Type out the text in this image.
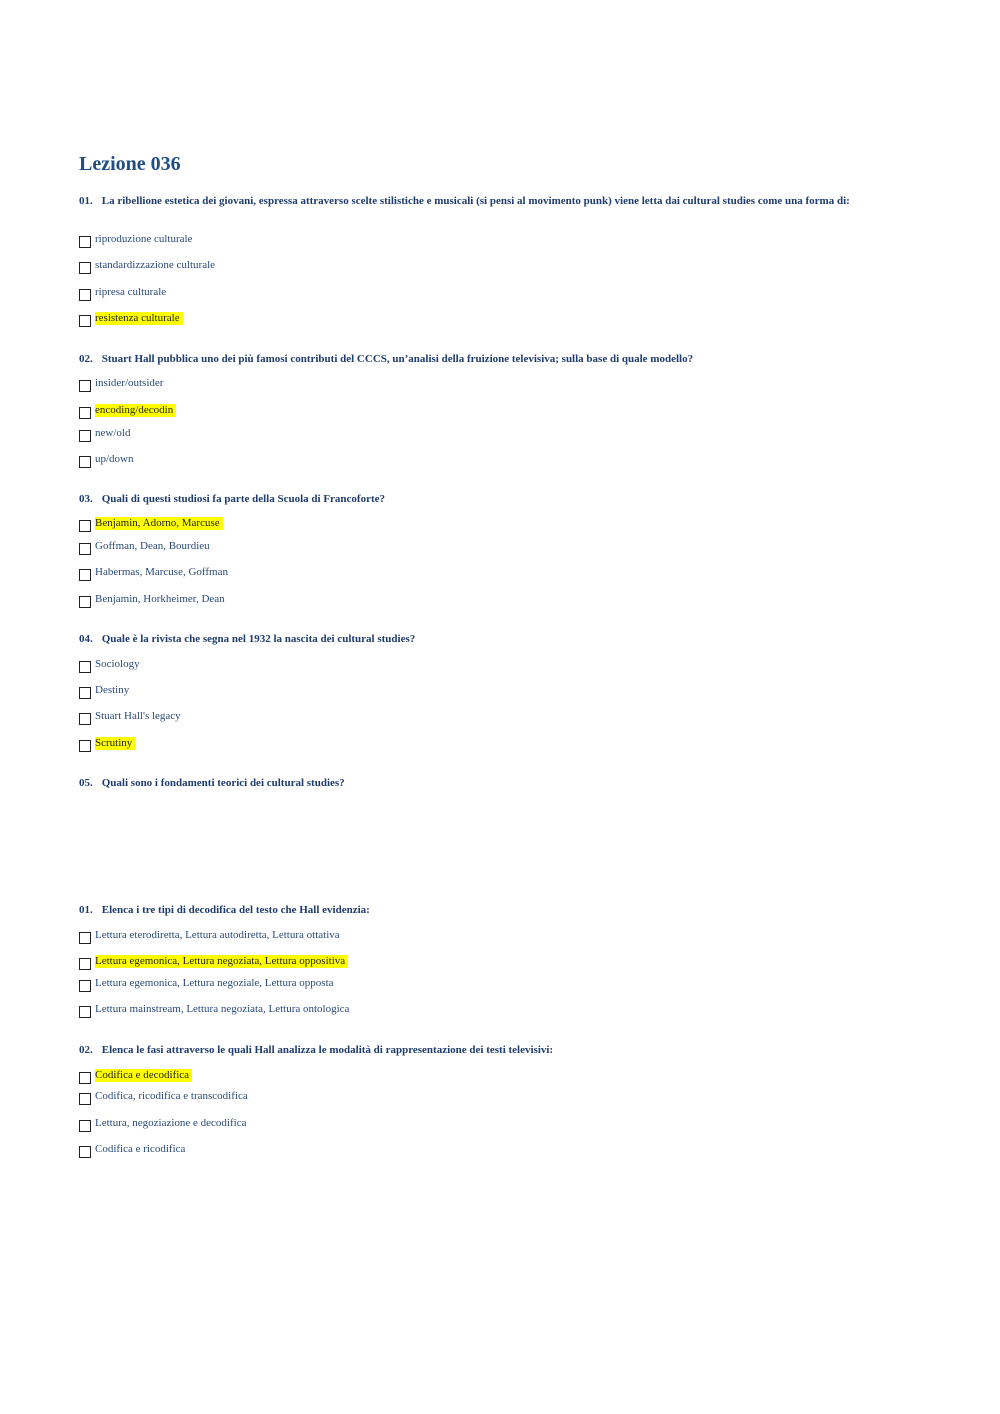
Lezione 036

01. La ribellione estetica dei giovani, espressa attraverso scelte stilistiche e musicali (si pensi al movimento punk) viene letta dai cultural studies come una forma di:

riproduzione culturale
standardizzazione culturale
ripresa culturale
resistenza culturale

02. Stuart Hall pubblica uno dei più famosi contributi del CCCS, un’analisi della fruizione televisiva; sulla base di quale modello?

insider/outsider
encoding/decodin
new/old
up/down

03. Quali di questi studiosi fa parte della Scuola di Francoforte?

Benjamin, Adorno, Marcuse
Goffman, Dean, Bourdieu
Habermas, Marcuse, Goffman
Benjamin, Horkheimer, Dean

04. Quale è la rivista che segna nel 1932 la nascita dei cultural studies?

Sociology
Destiny
Stuart Hall's legacy
Scrutiny

05. Quali sono i fondamenti teorici dei cultural studies?

01. Elenca i tre tipi di decodifica del testo che Hall evidenzia:

Lettura eterodiretta, Lettura autodiretta, Lettura ottativa
Lettura egemonica, Lettura negoziata, Lettura oppositiva
Lettura egemonica, Lettura negoziale, Lettura opposta
Lettura mainstream, Lettura negoziata, Lettura ontologica

02. Elenca le fasi attraverso le quali Hall analizza le modalità di rappresentazione dei testi televisivi:

Codifica e decodifica
Codifica, ricodifica e transcodifica
Lettura, negoziazione e decodifica
Codifica e ricodifica
